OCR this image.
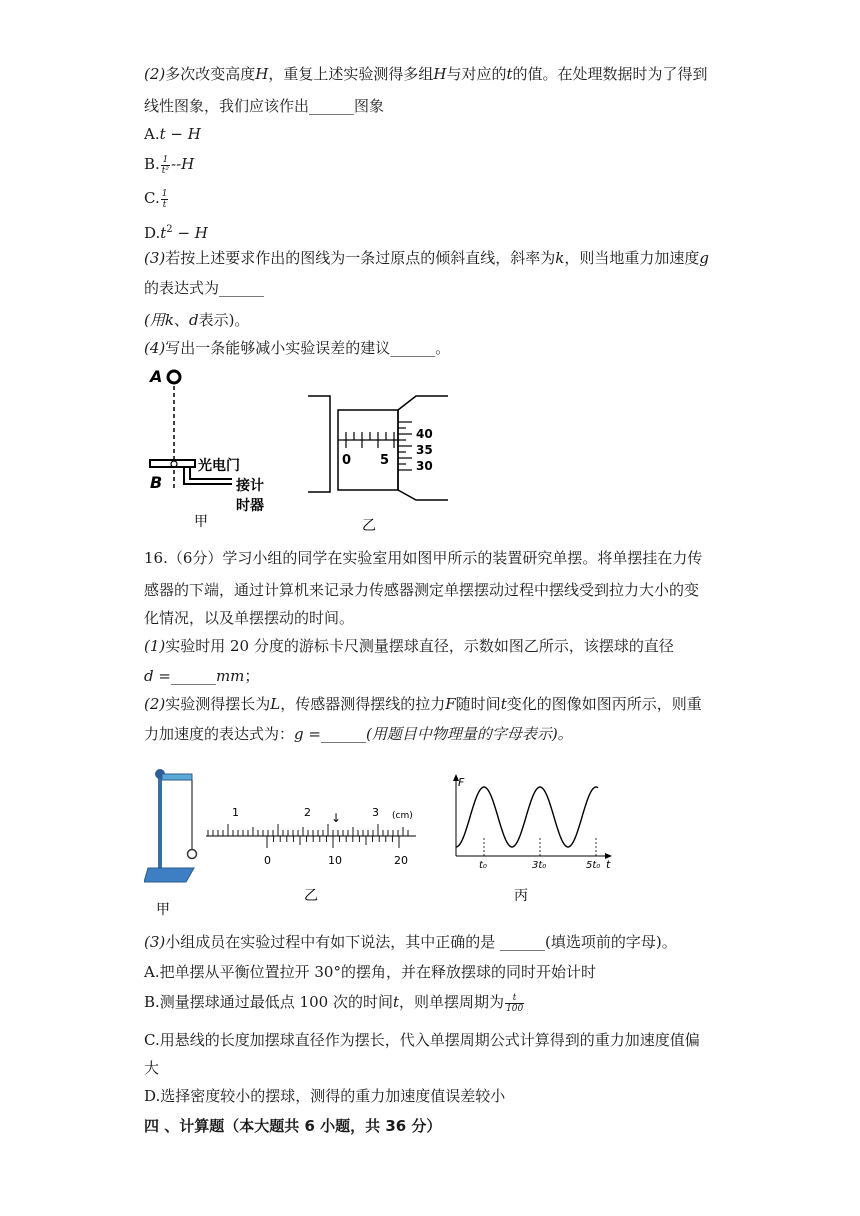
(2)多次改变高度H，重复上述实验测得多组H与对应的t的值。在处理数据时为了得到
线性图象，我们应该作出______图象
A.t − H
B. $\frac{1}{\text{t²}} --H$
C. $\frac{1}{t}$
$D.t^2 - H$
(3)若按上述要求作出的图线为一条过原点的倾斜直线，斜率为k，则当地重力加速度g
的表达式为______
(用k、d表示)。
(4)写出一条能够减小实验误差的建议______。
A
光电门
B	接计
时器
甲
0 5
40
35
30
乙
16.（6分）学习小组的同学在实验室用如图甲所示的装置研究单摆。将单摆挂在力传
感器的下端，通过计算机来记录力传感器测定单摆摆动过程中摆线受到拉力大小的变
化情况，以及单摆摆动的时间。
(1)实验时用 20 分度的游标卡尺测量摆球直径，示数如图乙所示，该摆球的直径
d =______mm；
(2)实验测得摆长为L，传感器测得摆线的拉力F随时间t变化的图像如图丙所示，则重
力加速度的表达式为：g =______(用题目中物理量的字母表示)。
甲
1	2	3 (cm)
↓
0	10	20
乙
F
t
t₀	3t₀	5t₀
丙
(3)小组成员在实验过程中有如下说法，其中正确的是 ______(填选项前的字母)。
A.把单摆从平衡位置拉开 30°的摆角，并在释放摆球的同时开始计时
B.测量摆球通过最低点 100 次的时间t，则单摆周期为 $\frac{t}{100}$
C.用悬线的长度加摆球直径作为摆长，代入单摆周期公式计算得到的重力加速度值偏
大
D.选择密度较小的摆球，测得的重力加速度值误差较小
四 、计算题（本大题共 6 小题，共 36 分）
